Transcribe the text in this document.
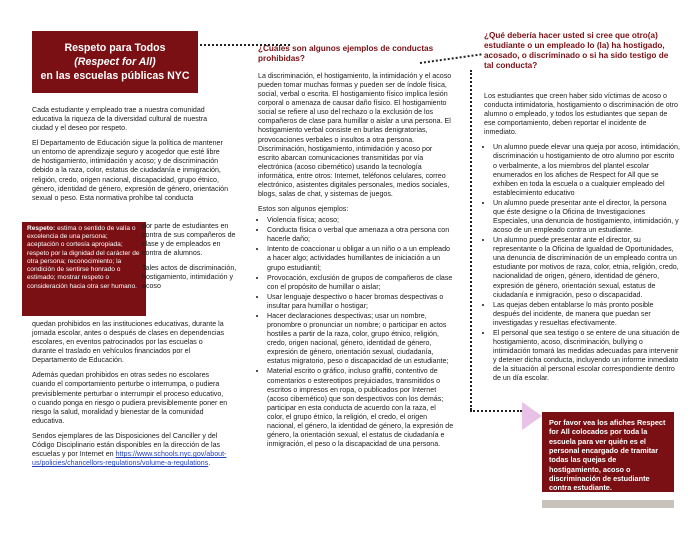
Respeto para Todos
(Respect for All)
en las escuelas públicas NYC

Cada estudiante y empleado trae a nuestra comunidad educativa la riqueza de la diversidad cultural de nuestra ciudad y el deseo por respeto.

El Departamento de Educación sigue la política de mantener un entorno de aprendizaje seguro y acogedor que esté libre de hostigamiento, intimidación y acoso; y de discriminación debido a la raza, color, estatus de ciudadanía e inmigración, religión, credo, origen nacional, discapacidad, grupo étnico, género, identidad de género, expresión de género, orientación sexual o peso. Esta normativa prohíbe tal conducta

Respeto: estima o sentido de valía o excelencia de una persona; aceptación o cortesía apropiada; respeto por la dignidad del carácter de otra persona; reconocimiento; la condición de sentirse honrado o estimado; mostrar respeto o consideración hacia otra ser humano.

por parte de estudiantes en contra de sus compañeros de clase y de empleados en contra de alumnos.

Tales actos de discriminación, hostigamiento, intimidación y acoso

quedan prohibidos en las instituciones educativas, durante la jornada escolar, antes o después de clases en dependencias escolares, en eventos patrocinados por las escuelas o durante el traslado en vehículos financiados por el Departamento de Educación.

Además quedan prohibidos en otras sedes no escolares cuando el comportamiento perturbe o interrumpa, o pudiera previsiblemente perturbar o interrumpir el proceso educativo, o cuando ponga en riesgo o pudiera previsiblemente poner en riesgo la salud, moralidad y bienestar de la comunidad educativa.

Sendos ejemplares de las Disposiciones del Canciller y del Código Disciplinario están disponibles en la dirección de las escuelas y por Internet en https://www.schools.nyc.gov/about-us/policies/chancellors-regulations/volume-a-regulations.

¿Cuáles son algunos ejemplos de conductas prohibidas?

La discriminación, el hostigamiento, la intimidación y el acoso pueden tomar muchas formas y pueden ser de índole física, social, verbal o escrita. El hostigamiento físico implica lesión corporal o amenaza de causar daño físico. El hostigamiento social se refiere al uso del rechazo o la exclusión de los compañeros de clase para humillar o aislar a una persona. El hostigamiento verbal consiste en burlas denigratorias, provocaciones verbales o insultos a otra persona. Discriminación, hostigamiento, intimidación y acoso por escrito abarcan comunicaciones transmitidas por vía electrónica (acoso cibernético) usando la tecnología informática, entre otros: Internet, teléfonos celulares, correo electrónico, asistentes digitales personales, medios sociales, blogs, salas de chat, y sistemas de juegos.

Estos son algunos ejemplos:

• Violencia física; acoso;
• Conducta física o verbal que amenaza a otra persona con hacerle daño;
• Intento de coaccionar u obligar a un niño o a un empleado a hacer algo; actividades humillantes de iniciación a un grupo estudiantil;
• Provocación, exclusión de grupos de compañeros de clase con el propósito de humillar o aislar;
• Usar lenguaje despectivo o hacer bromas despectivas o insultar para humillar o hostigar;
• Hacer declaraciones despectivas; usar un nombre, pronombre o pronunciar un nombre; o participar en actos hostiles a partir de la raza, color, grupo étnico, religión, credo, origen nacional, género, identidad de género, expresión de género, orientación sexual, ciudadanía, estatus migratorio, peso o discapacidad de un estudiante;
• Material escrito o gráfico, incluso graffiti, contentivo de comentarios o estereotipos prejuiciados, transmitidos o escritos o impresos en ropa, o publicados por Internet (acoso cibernético) que son despectivos con los demás; participar en esta conducta de acuerdo con la raza, el color, el grupo étnico, la religión, el credo, el origen nacional, el género, la identidad de género, la expresión de género, la orientación sexual, el estatus de ciudadanía e inmigración, el peso o la discapacidad de una persona.
¿Qué debería hacer usted si cree que otro(a) estudiante o un empleado lo (la) ha hostigado, acosado, o discriminado o si ha sido testigo de tal conducta?

Los estudiantes que creen haber sido víctimas de acoso o conducta intimidatoria, hostigamiento o discriminación de otro alumno o empleado, y todos los estudiantes que sepan de ese comportamiento, deben reportar el incidente de inmediato.

• Un alumno puede elevar una queja por acoso, intimidación, discriminación u hostigamiento de otro alumno por escrito o verbalmente, a los miembros del plantel escolar enumerados en los afiches de Respect for All que se exhiben en toda la escuela o a cualquier empleado del establecimiento educativo
• Un alumno puede presentar ante el director, la persona que éste designe o la Oficina de Investigaciones Especiales, una denuncia de hostigamiento, intimidación, y acoso de un empleado contra un estudiante.
• Un alumno puede presentar ante el director, su representante o la Oficina de Igualdad de Oportunidades, una denuncia de discriminación de un empleado contra un estudiante por motivos de raza, color, etnia, religión, credo, nacionalidad de origen, género, identidad de género, expresión de género, orientación sexual, estatus de ciudadanía e inmigración, peso o discapacidad.
• Las quejas deben entablarse lo más pronto posible después del incidente, de manera que puedan ser investigadas y resueltas efectivamente.
• El personal que sea testigo o se entere de una situación de hostigamiento, acoso, discriminación, bullying o intimidación tomará las medidas adecuadas para intervenir y detener dicha conducta, incluyendo un informe inmediato de la situación al personal escolar correspondiente dentro de un día escolar.
Por favor vea los afiches Respect for All colocados por toda la escuela para ver quién es el personal encargado de tramitar todas las quejas de hostigamiento, acoso o discriminación de estudiante contra estudiante.
